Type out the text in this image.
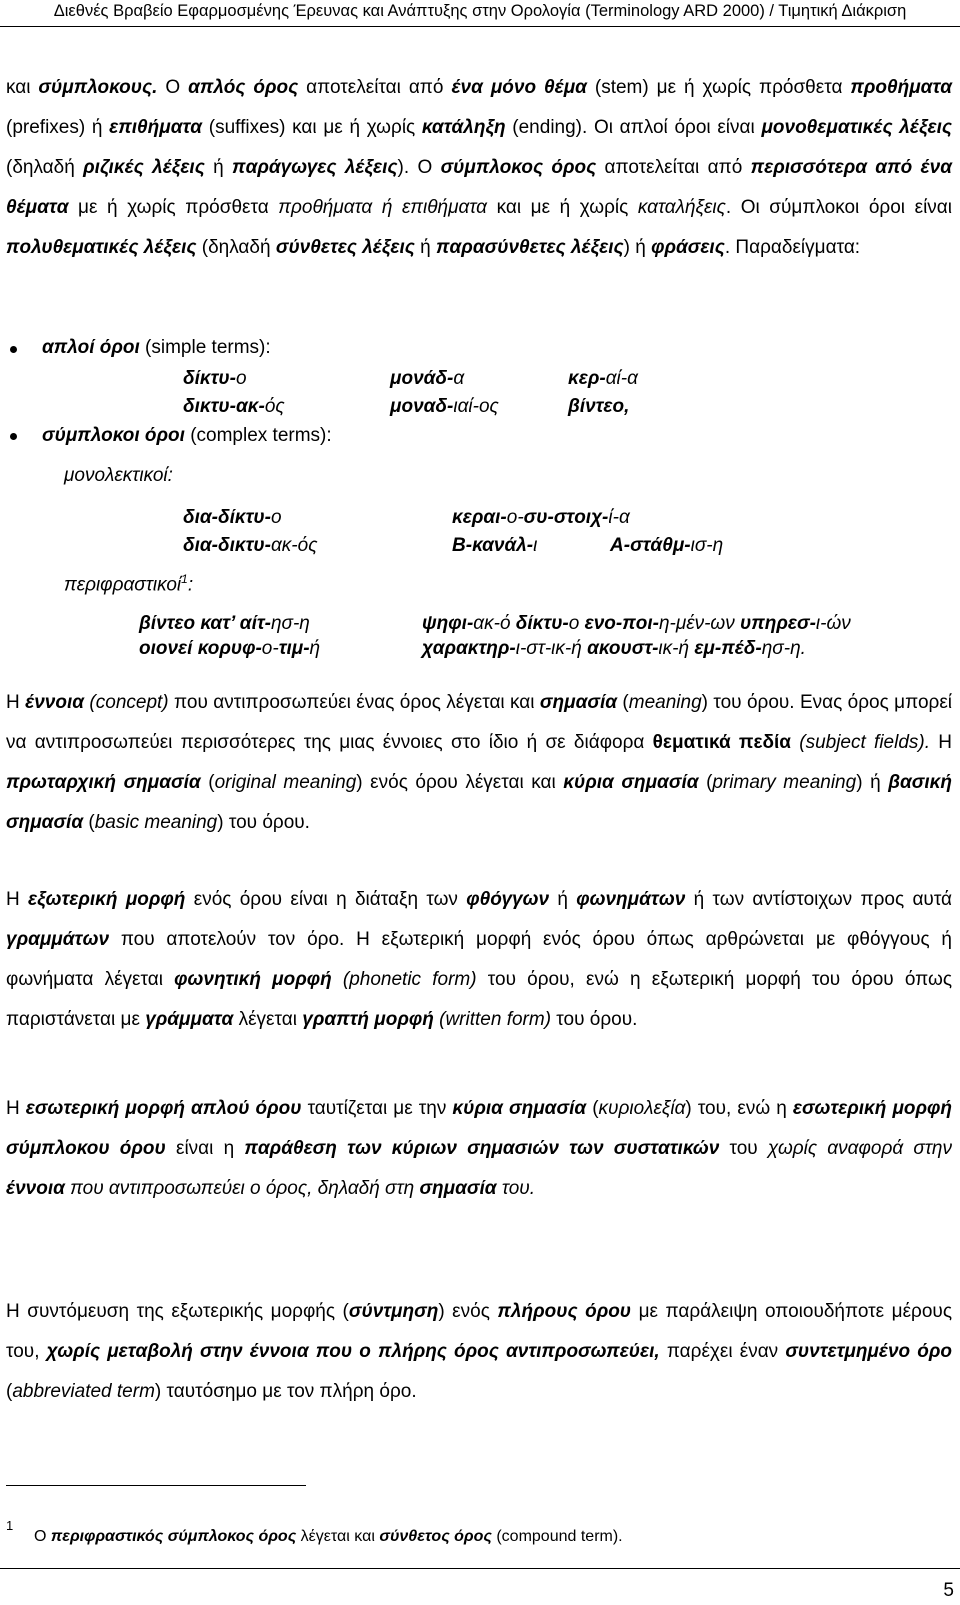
Διεθνές Βραβείο Εφαρμοσμένης Έρευνας και Ανάπτυξης στην Ορολογία (Terminology ARD 2000) / Τιμητική Διάκριση

και σύμπλοκους. Ο απλός όρος αποτελείται από ένα μόνο θέμα (stem) με ή χωρίς πρόσθετα προθήματα (prefixes) ή επιθήματα (suffixes) και με ή χωρίς κατάληξη (ending). Οι απλοί όροι είναι μονοθεματικές λέξεις (δηλαδή ριζικές λέξεις ή παράγωγες λέξεις). Ο σύμπλοκος όρος αποτελείται από περισσότερα από ένα θέματα με ή χωρίς πρόσθετα προθήματα ή επιθήματα και με ή χωρίς καταλήξεις. Οι σύμπλοκοι όροι είναι πολυθεματικές λέξεις (δηλαδή σύνθετες λέξεις ή παρασύνθετες λέξεις) ή φράσεις. Παραδείγματα:

απλοί όροι (simple terms):
δίκτυ-ο	μονάδ-α	κερ-αί-α
δικτυ-ακ-ός	μοναδ-ιαί-ος	βίντεο,
σύμπλοκοι όροι (complex terms):
μονολεκτικοί:
δια-δίκτυ-ο	κεραι-ο-συ-στοιχ-ί-α
δια-δικτυ-ακ-ός	B-κανάλ-ι	A-στάθμ-ισ-η
περιφραστικοί$^1$:
βίντεο κατ’ αίτ-ησ-η	ψηφι-ακ-ό δίκτυ-ο ενο-ποι-η-μέν-ων υπηρεσ-ι-ών
οιονεί κορυφ-ο-τιμ-ή	χαρακτηρ-ι-στ-ικ-ή ακουστ-ικ-ή εμ-πέδ-ησ-η.

Η έννοια (concept) που αντιπροσωπεύει ένας όρος λέγεται και σημασία (meaning) του όρου. Ενας όρος μπορεί να αντιπροσωπεύει περισσότερες της μιας έννοιες στο ίδιο ή σε διάφορα θεματικά πεδία (subject fields). Η πρωταρχική σημασία (original meaning) ενός όρου λέγεται και κύρια σημασία (primary meaning) ή βασική σημασία (basic meaning) του όρου.

Η εξωτερική μορφή ενός όρου είναι η διάταξη των φθόγγων ή φωνημάτων ή των αντίστοιχων προς αυτά γραμμάτων που αποτελούν τον όρο. Η εξωτερική μορφή ενός όρου όπως αρθρώνεται με φθόγγους ή φωνήματα λέγεται φωνητική μορφή (phonetic form) του όρου, ενώ η εξωτερική μορφή του όρου όπως παριστάνεται με γράμματα λέγεται γραπτή μορφή (written form) του όρου.

Η εσωτερική μορφή απλού όρου ταυτίζεται με την κύρια σημασία (κυριολεξία) του, ενώ η εσωτερική μορφή σύμπλοκου όρου είναι η παράθεση των κύριων σημασιών των συστατικών του χωρίς αναφορά στην έννοια που αντιπροσωπεύει ο όρος, δηλαδή στη σημασία του.

Η συντόμευση της εξωτερικής μορφής (σύντμηση) ενός πλήρους όρου με παράλειψη οποιουδήποτε μέρους του, χωρίς μεταβολή στην έννοια που ο πλήρης όρος αντιπροσωπεύει, παρέχει έναν συντετμημένο όρο (abbreviated term) ταυτόσημο με τον πλήρη όρο.

1
Ο περιφραστικός σύμπλοκος όρος λέγεται και σύνθετος όρος (compound term).
5
